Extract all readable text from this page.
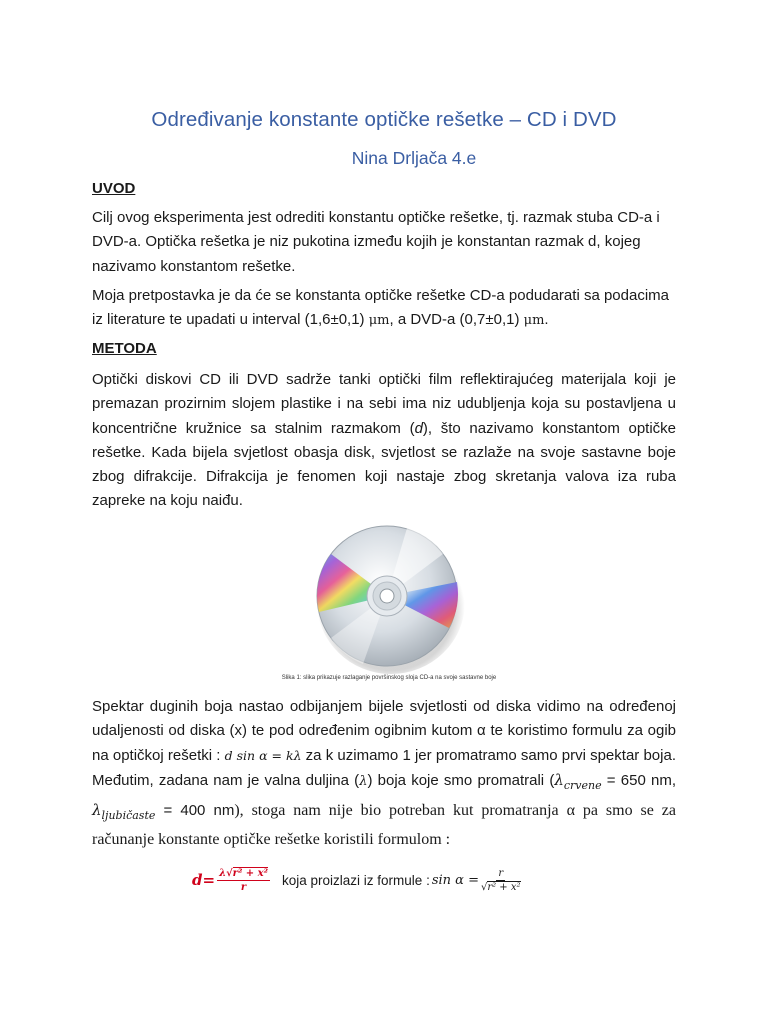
Određivanje konstante optičke rešetke – CD i DVD
Nina Drljača 4.e
UVOD

Cilj ovog eksperimenta jest odrediti konstantu optičke rešetke, tj. razmak stuba CD-a i DVD-a. Optička rešetka je niz pukotina između kojih je konstantan razmak d, kojeg nazivamo konstantom rešetke.

Moja pretpostavka je da će se konstanta optičke rešetke CD-a podudarati sa podacima iz literature te upadati u interval (1,6±0,1) μm, a DVD-a (0,7±0,1) μm.

METODA

Optički diskovi CD ili DVD sadrže tanki optički film reflektirajućeg materijala koji je premazan prozirnim slojem plastike i na sebi ima niz udubljenja koja su postavljena u koncentrične kružnice sa stalnim razmakom (d), što nazivamo konstantom optičke rešetke. Kada bijela svjetlost obasja disk, svjetlost se razlaže na svoje sastavne boje zbog difrakcije. Difrakcija je fenomen koji nastaje zbog skretanja valova iza ruba zapreke na koju naiđu.

Slika 1: slika prikazuje razlaganje površinskog sloja CD-a na svoje sastavne boje

Spektar duginih boja nastao odbijanjem bijele svjetlosti od diska vidimo na određenoj udaljenosti od diska (x) te pod određenim ogibnim kutom α te koristimo formulu za ogib na optičkoj rešetki : d sin α = kλ za k uzimamo 1 jer promatramo samo prvi spektar boja. Međutim, zadana nam je valna duljina (λ) boja koje smo promatrali ($\lambda_{crvene} = 650$ nm, $\lambda_{ljubičaste} = 400$ nm), stoga nam nije bio potreban kut promatranja α pa smo se za računanje konstante optičke rešetke koristili formulom :

$d = \frac{\text{λ√r² + x²}}{r}$ koja proizlazi iz formule : $\sin \alpha = \frac{r}{\text{√r² + x²}}$
